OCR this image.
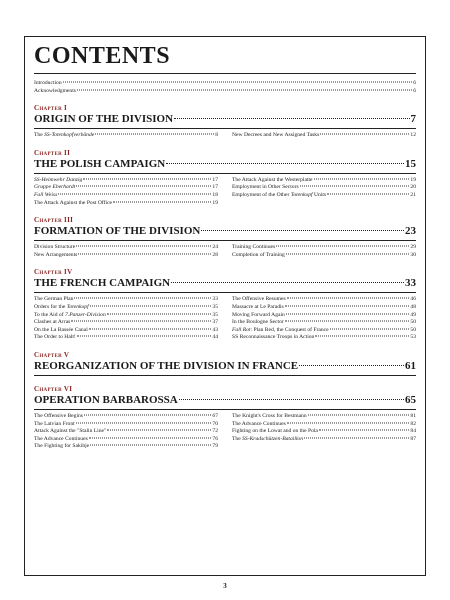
CONTENTS
Introduction	6
Acknowledgments	6
Chapter I
ORIGIN OF THE DIVISION	7
The SS-Totenkopfverbände	8	New Decrees and New Assigned Tasks	12
Chapter II
THE POLISH CAMPAIGN	15
SS-Heimwehr Danzig	17
Gruppe Eberhardt	17
Fall Weiss	18
The Attack Against the Post Office	19
The Attack Against the Westerplatte	19
Employment in Other Sectors	20
Employment of the Other Totenkopf Units	21
Chapter III
FORMATION OF THE DIVISION	23
Division Structure	24
New Arrangements	28
Training Continues	29
Completion of Training	30
Chapter IV
THE FRENCH CAMPAIGN	33
The German Plan	33
Orders for the Totenkopf	35
To the Aid of 7.Panzer-Division	35
Clashes at Arras	37
On the La Bassée Canal	43
The Order to Halt!	44
The Offensive Resumes	46
Massacre at Le Paradis	48
Moving Forward Again	49
In the Boulogne Sector	50
Fall Rot: Plan Red, the Conquest of France	50
SS Reconnaissance Troops in Action	53
Chapter V
REORGANIZATION OF THE DIVISION IN FRANCE	61
Chapter VI
OPERATION BARBAROSSA	65
The Offensive Begins	67
The Latvian Front	70
Attack Against the "Stalin Line"	72
The Advance Continues	76
The Fighting for Sakibje	79
The Knight's Cross for Bestmann	81
The Advance Continues	82
Fighting on the Lowat and on the Pola	84
The SS-Kradschützen-Bataillon	87
3
